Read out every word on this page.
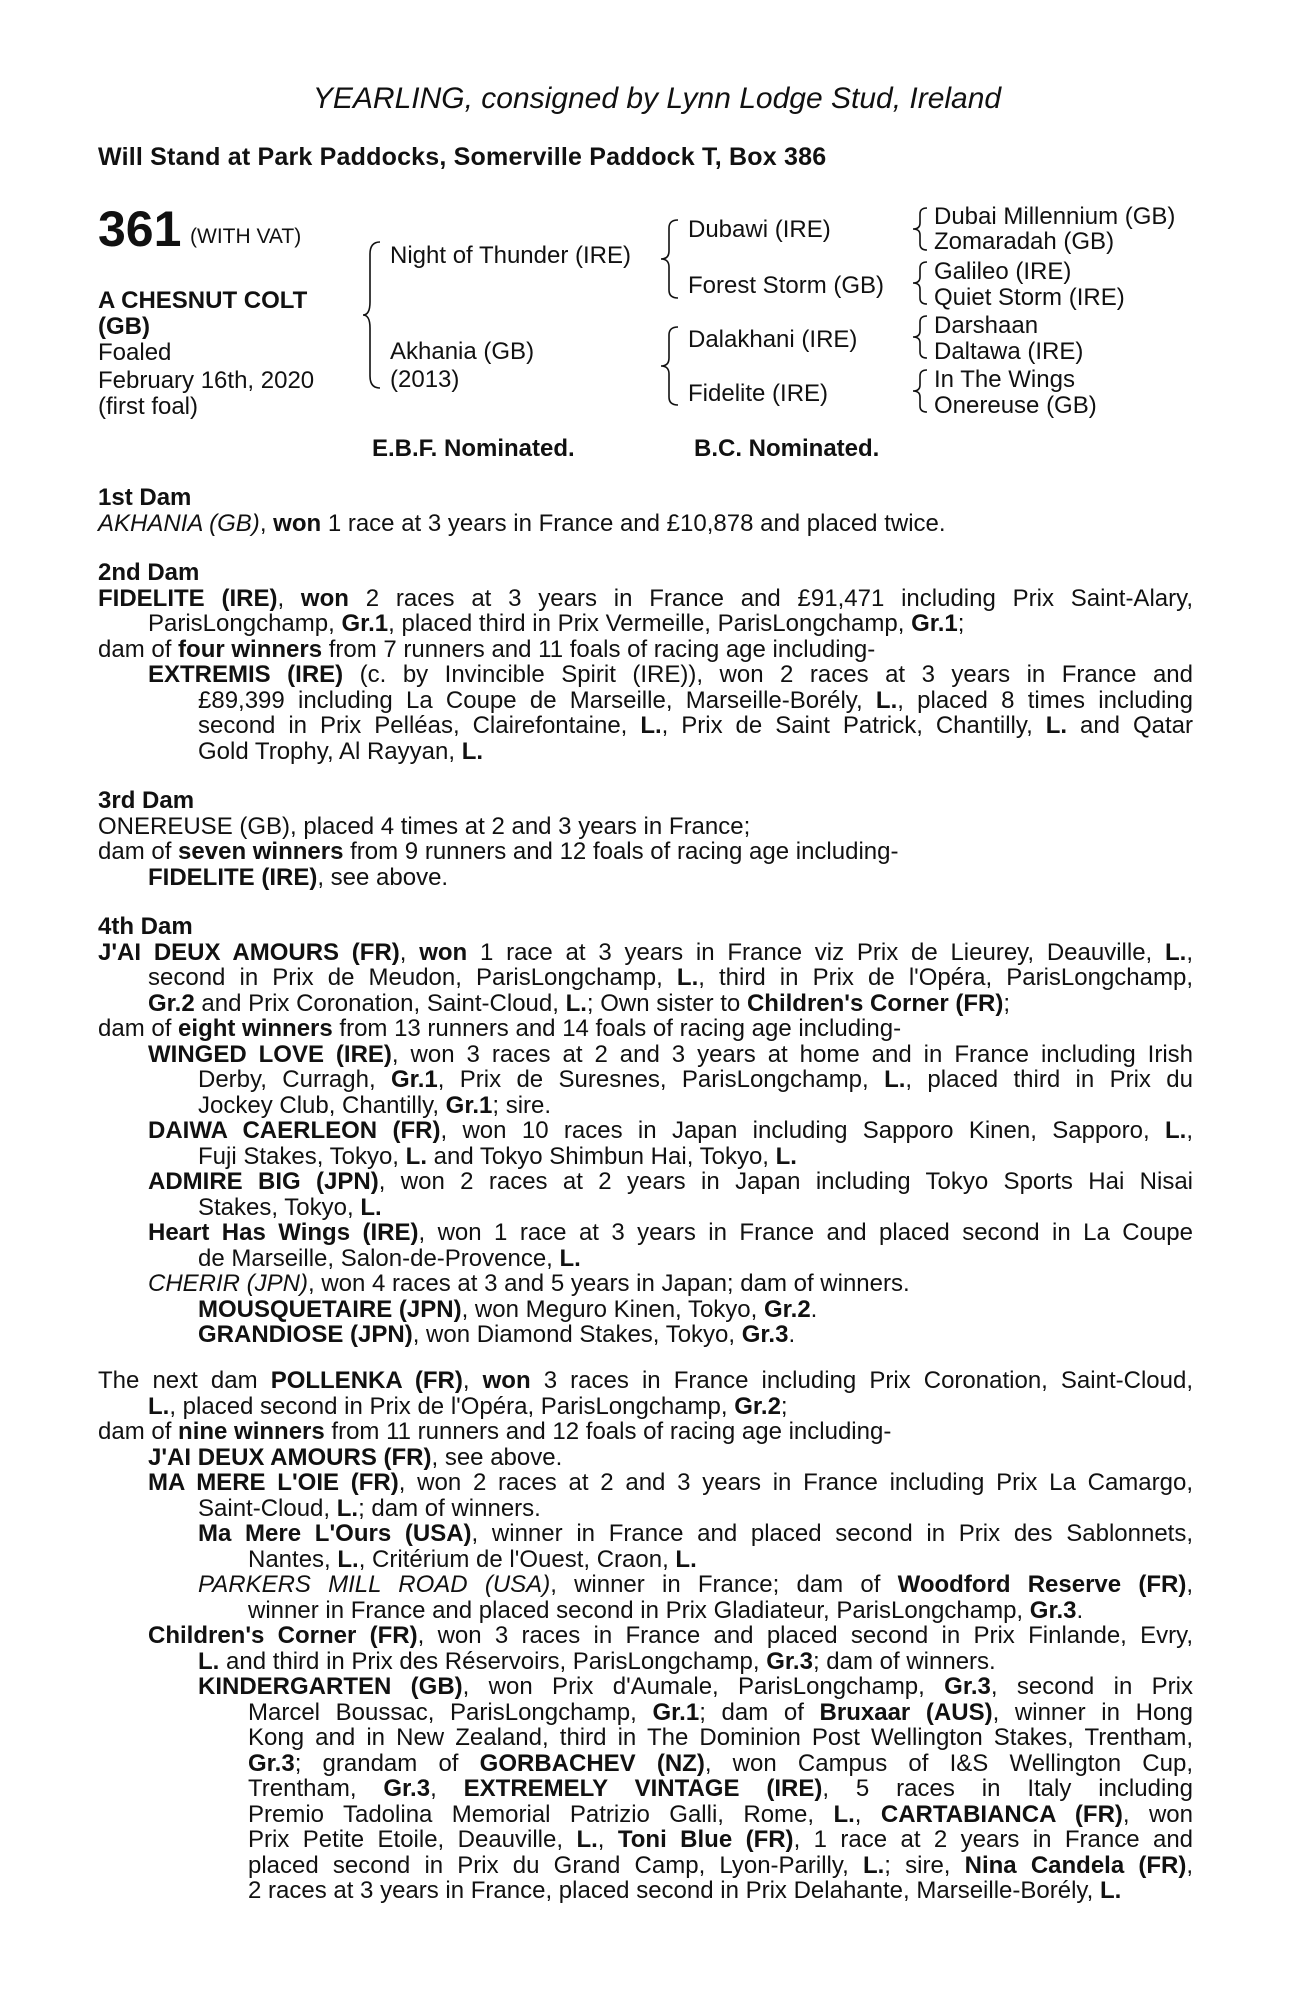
YEARLING, consigned by Lynn Lodge Stud, Ireland
Will Stand at Park Paddocks, Somerville Paddock T, Box 386
361 (WITH VAT)
A CHESNUT COLT
(GB)
Foaled
February 16th, 2020
(first foal)
Night of Thunder (IRE)
Akhania (GB)
(2013)
Dubawi (IRE)
Forest Storm (GB)
Dalakhani (IRE)
Fidelite (IRE)
Dubai Millennium (GB)
Zomaradah (GB)
Galileo (IRE)
Quiet Storm (IRE)
Darshaan
Daltawa (IRE)
In The Wings
Onereuse (GB)
E.B.F. Nominated.	B.C. Nominated.
1st Dam
AKHANIA (GB), won 1 race at 3 years in France and £10,878 and placed twice.
2nd Dam
FIDELITE (IRE), won 2 races at 3 years in France and £91,471 including Prix Saint-Alary,
ParisLongchamp, Gr.1, placed third in Prix Vermeille, ParisLongchamp, Gr.1;
dam of four winners from 7 runners and 11 foals of racing age including-
EXTREMIS (IRE) (c. by Invincible Spirit (IRE)), won 2 races at 3 years in France and
£89,399 including La Coupe de Marseille, Marseille-Borély, L., placed 8 times including
second in Prix Pelléas, Clairefontaine, L., Prix de Saint Patrick, Chantilly, L. and Qatar
Gold Trophy, Al Rayyan, L.
3rd Dam
ONEREUSE (GB), placed 4 times at 2 and 3 years in France;
dam of seven winners from 9 runners and 12 foals of racing age including-
FIDELITE (IRE), see above.
4th Dam
J'AI DEUX AMOURS (FR), won 1 race at 3 years in France viz Prix de Lieurey, Deauville, L.,
second in Prix de Meudon, ParisLongchamp, L., third in Prix de l'Opéra, ParisLongchamp,
Gr.2 and Prix Coronation, Saint-Cloud, L.; Own sister to Children's Corner (FR);
dam of eight winners from 13 runners and 14 foals of racing age including-
WINGED LOVE (IRE), won 3 races at 2 and 3 years at home and in France including Irish
Derby, Curragh, Gr.1, Prix de Suresnes, ParisLongchamp, L., placed third in Prix du
Jockey Club, Chantilly, Gr.1; sire.
DAIWA CAERLEON (FR), won 10 races in Japan including Sapporo Kinen, Sapporo, L.,
Fuji Stakes, Tokyo, L. and Tokyo Shimbun Hai, Tokyo, L.
ADMIRE BIG (JPN), won 2 races at 2 years in Japan including Tokyo Sports Hai Nisai
Stakes, Tokyo, L.
Heart Has Wings (IRE), won 1 race at 3 years in France and placed second in La Coupe
de Marseille, Salon-de-Provence, L.
CHERIR (JPN), won 4 races at 3 and 5 years in Japan; dam of winners.
MOUSQUETAIRE (JPN), won Meguro Kinen, Tokyo, Gr.2.
GRANDIOSE (JPN), won Diamond Stakes, Tokyo, Gr.3.
The next dam POLLENKA (FR), won 3 races in France including Prix Coronation, Saint-Cloud,
L., placed second in Prix de l'Opéra, ParisLongchamp, Gr.2;
dam of nine winners from 11 runners and 12 foals of racing age including-
J'AI DEUX AMOURS (FR), see above.
MA MERE L'OIE (FR), won 2 races at 2 and 3 years in France including Prix La Camargo,
Saint-Cloud, L.; dam of winners.
Ma Mere L'Ours (USA), winner in France and placed second in Prix des Sablonnets,
Nantes, L., Critérium de l'Ouest, Craon, L.
PARKERS MILL ROAD (USA), winner in France; dam of Woodford Reserve (FR),
winner in France and placed second in Prix Gladiateur, ParisLongchamp, Gr.3.
Children's Corner (FR), won 3 races in France and placed second in Prix Finlande, Evry,
L. and third in Prix des Réservoirs, ParisLongchamp, Gr.3; dam of winners.
KINDERGARTEN (GB), won Prix d'Aumale, ParisLongchamp, Gr.3, second in Prix
Marcel Boussac, ParisLongchamp, Gr.1; dam of Bruxaar (AUS), winner in Hong
Kong and in New Zealand, third in The Dominion Post Wellington Stakes, Trentham,
Gr.3; grandam of GORBACHEV (NZ), won Campus of I&S Wellington Cup,
Trentham, Gr.3, EXTREMELY VINTAGE (IRE), 5 races in Italy including
Premio Tadolina Memorial Patrizio Galli, Rome, L., CARTABIANCA (FR), won
Prix Petite Etoile, Deauville, L., Toni Blue (FR), 1 race at 2 years in France and
placed second in Prix du Grand Camp, Lyon-Parilly, L.; sire, Nina Candela (FR),
2 races at 3 years in France, placed second in Prix Delahante, Marseille-Borély, L.
